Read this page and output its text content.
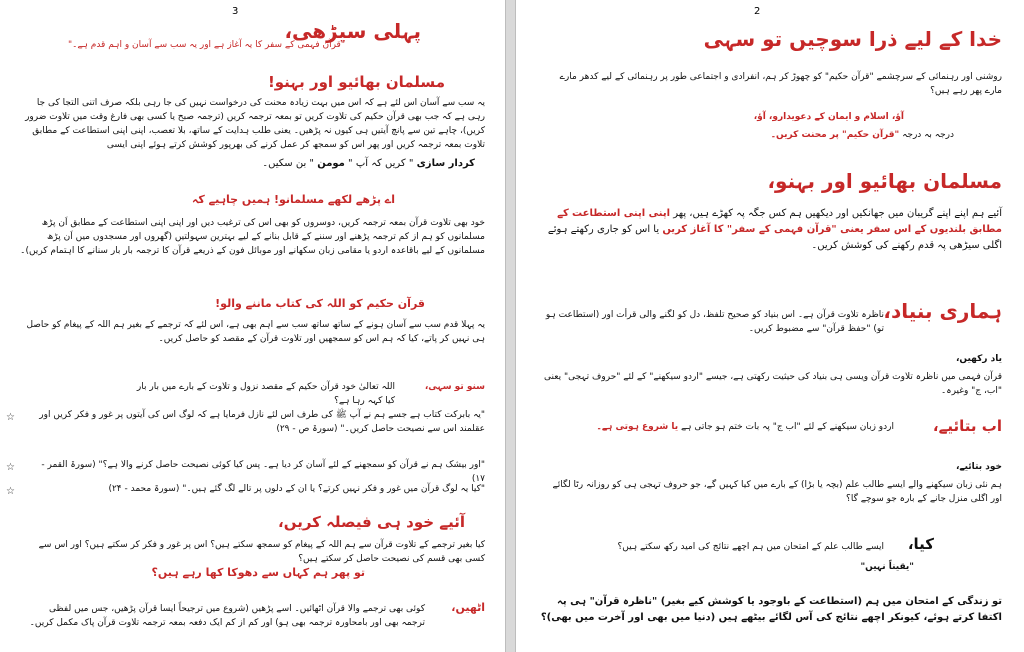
3
پہلی سیڑھی،
"قرآن فہمی کے سفر کا یہ آغاز ہے اور یہ سب سے آسان و اہم قدم ہے۔"
مسلمان بھائیو اور بہنو!
یہ سب سے آسان اس لئے ہے کہ اس میں بہت زیادہ محنت کی درخواست نہیں کی جا رہی بلکہ صرف اتنی التجا کی جا رہی ہے کہ جب بھی قرآن حکیم کی تلاوت کریں تو بمعہ ترجمہ کریں (ترجمہ صبح یا کسی بھی فارغ وقت میں تلاوت ضرور کریں)، چاہے تین سے پانچ آیتیں ہی کیوں نہ پڑھیں۔ یعنی طلب ہدایت کے ساتھ، بلا تعصب، اپنی اپنی استطاعت کے مطابق تلاوت بمعہ ترجمہ کریں اور پھر اس کو سمجھ کر عمل کرنے کی بھرپور کوشش کرتے ہوئے اپنی ایسی
کردار سازی " کریں کہ آپ " مومن " بن سکیں۔
اے پڑھے لکھے مسلمانو! ہمیں چاہیے کہ
خود بھی تلاوت قرآن بمعہ ترجمہ کریں، دوسروں کو بھی اس کی ترغیب دیں اور اپنی اپنی استطاعت کے مطابق اَن پڑھ مسلمانوں کو ہم از کم ترجمہ پڑھنے اور سننے کے قابل بنانے کے لیے بہترین سہولتیں (گھروں اور مسجدوں میں اَن پڑھ مسلمانوں کے لیے باقاعدہ اردو یا مقامی زبان سکھانے اور موبائل فون کے ذریعے قرآن کا ترجمہ بار بار سنانے کا اہتمام کریں)۔
قرآن حکیم کو اللہ کی کتاب ماننے والو!
یہ پہلا قدم سب سے آسان ہونے کے ساتھ ساتھ سب سے اہم بھی ہے، اس لئے کہ ترجمے کے بغیر ہم اللہ کے پیغام کو حاصل ہی نہیں کر پاتے، کیا کہ ہم اس کو سمجھیں اور تلاوت قرآن کے مقصد کو حاصل کریں۔
سنو تو سہی،
اللہ تعالیٰ خود قرآن حکیم کے مقصد نزول و تلاوت کے بارے میں بار بار کیا کہہ رہا ہے؟
☆	"یہ بابرکت کتاب ہے جسے ہم نے آپ ﷺ کی طرف اس لئے نازل فرمایا ہے کہ لوگ اس کی آیتوں پر غور و فکر کریں اور عقلمند اس سے نصیحت حاصل کریں۔" (سورۃ ص - ۲۹)
☆	"اور بیشک ہم نے قرآن کو سمجھنے کے لئے آسان کر دیا ہے۔ پس کیا کوئی نصیحت حاصل کرنے والا ہے؟" (سورۃ القمر - ۱۷)
☆	"کیا یہ لوگ قرآن میں غور و فکر نہیں کرتے؟ یا ان کے دلوں پر تالے لگ گئے ہیں۔" (سورۃ محمد - ۲۴)
آئیے خود ہی فیصلہ کریں،
کیا بغیر ترجمے کے تلاوت قرآن سے ہم اللہ کے پیغام کو سمجھ سکتے ہیں؟ اس پر غور و فکر کر سکتے ہیں؟ اور اس سے کسی بھی قسم کی نصیحت حاصل کر سکتے ہیں؟
تو پھر ہم کہاں سے دھوکا کھا رہے ہیں؟
اٹھیں،
کوئی بھی ترجمے والا قرآن اٹھائیں۔ اسے پڑھیں (شروع میں ترجیحاً ایسا قرآن پڑھیں، جس میں لفظی ترجمہ بھی اور بامحاورہ ترجمہ بھی ہو) اور کم از کم ایک دفعہ بمعہ ترجمہ تلاوت قرآن پاک مکمل کریں۔
2
خدا کے لیے ذرا سوچیں تو سہی
روشنی اور رہنمائی کے سرچشمے "قرآن حکیم" کو چھوڑ کر ہم، انفرادی و اجتماعی طور پر رہنمائی کے لیے کدھر مارے مارے پھر رہے ہیں؟
آؤ، اسلام و ایمان کے دعویدارو، آؤ،
درجہ بہ درجہ "قرآن حکیم" پر محنت کریں۔
مسلمان بھائیو اور بہنو،
آئیے ہم اپنے اپنے گریبان میں جھانکیں اور دیکھیں ہم کس جگہ پہ کھڑے ہیں، پھر اپنی اپنی استطاعت کے مطابق بلندیوں کے اس سفر یعنی "قرآن فہمی کے سفر" کا آغاز کریں یا اس کو جاری رکھتے ہوئے اگلی سیڑھی پہ قدم رکھنے کی کوشش کریں۔
ہماری بنیاد،
ناظرہ تلاوت قرآن ہے۔ اس بنیاد کو صحیح تلفظ، دل کو لگنے والی قرأت اور (استطاعت ہو تو) "حفظ قرآن" سے مضبوط کریں۔
یاد رکھیں،
قرآن فہمی میں ناظرہ تلاوت قرآن ویسی ہی بنیاد کی حیثیت رکھتی ہے، جیسے "اردو سیکھنے" کے لئے "حروف تہجی" یعنی "اب، ج" وغیرہ۔
اب بتائیے،
اردو زبان سیکھنے کے لئے "اب ج" پہ بات ختم ہو جاتی ہے یا شروع ہوتی ہے۔
خود بتائیے،
ہم نئی زبان سیکھنے والے ایسے طالب علم (بچہ یا بڑا) کے بارے میں کیا کہیں گے، جو حروف تہجی ہی کو روزانہ رٹا لگائے اور اگلی منزل جانے کے بارہ جو سوچے گا؟
کیا،
ایسے طالب علم کے امتحان میں ہم اچھے نتائج کی امید رکھ سکتے ہیں؟
"یقیناً نہیں"
تو زندگی کے امتحان میں ہم (استطاعت کے باوجود یا کوشش کیے بغیر) "ناظرہ قرآن" ہی پہ اکتفا کرتے ہوئے، کیونکر اچھے نتائج کی آس لگائے بیٹھے ہیں (دنیا میں بھی اور آخرت میں بھی)؟
